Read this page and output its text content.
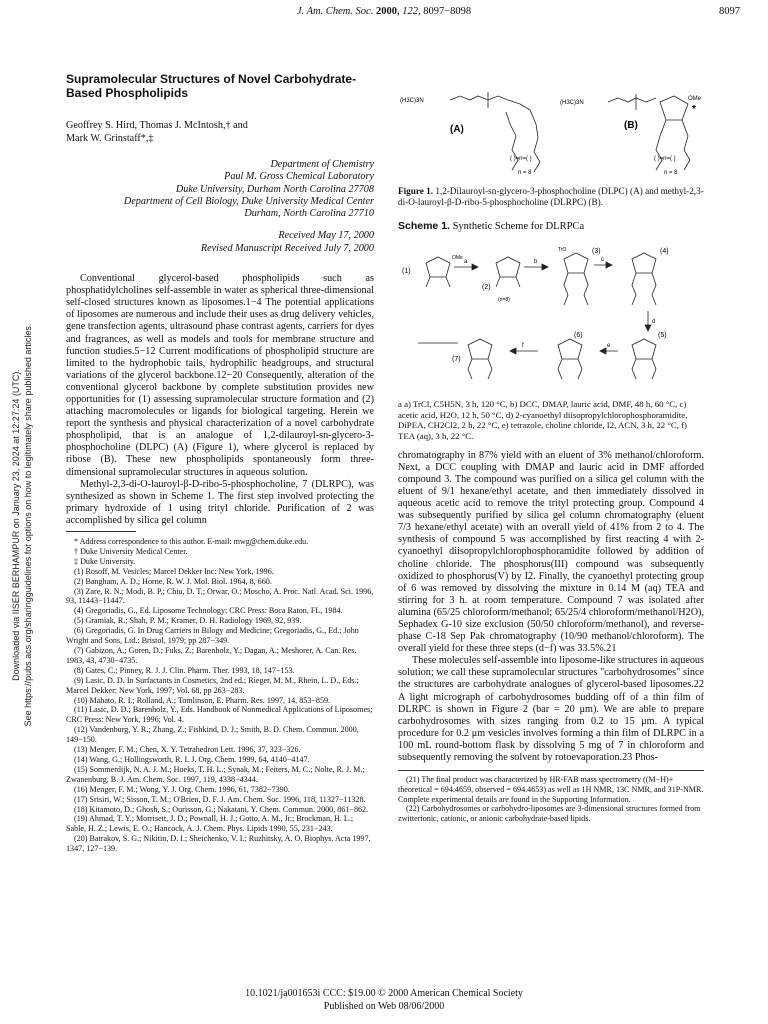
J. Am. Chem. Soc. 2000, 122, 8097−8098	8097
Downloaded via IISER BERHAMPUR on January 23, 2024 at 12:27:24 (UTC). See https://pubs.acs.org/sharingguidelines for options on how to legitimately share published articles.
Supramolecular Structures of Novel Carbohydrate-Based Phospholipids
Geoffrey S. Hird, Thomas J. McIntosh,† and
Mark W. Grinstaff*,‡
Department of Chemistry
Paul M. Gross Chemical Laboratory
Duke University, Durham North Carolina 27708
Department of Cell Biology, Duke University Medical Center
Durham, North Carolina 27710
Received May 17, 2000
Revised Manuscript Received July 7, 2000

Conventional glycerol-based phospholipids such as phosphatidylcholines self-assemble in water as spherical three-dimensional self-closed structures known as liposomes.1−4 The potential applications of liposomes are numerous and include their uses as drug delivery vehicles, gene transfection agents, ultrasound phase contrast agents, carriers for dyes and fragrances, as well as models and tools for membrane structure and function studies.5−12 Current modifications of phospholipid structure are limited to the hydrophobic tails, hydrophilic headgroups, and structural variations of the glycerol backbone.12−20 Consequently, alteration of the conventional glycerol backbone by complete substitution provides new opportunities for (1) assessing supramolecular structure formation and (2) attaching macromolecules or ligands for biological targeting. Herein we report the synthesis and physical characterization of a novel carbohydrate phospholipid, that is an analogue of 1,2-dilauroyl-sn-glycero-3-phosphocholine (DLPC) (A) (Figure 1), where glycerol is replaced by ribose (B). These new phospholipids spontaneously form three-dimensional supramolecular structures in aqueous solution.

Methyl-2,3-di-O-lauroyl-β-D-ribo-5-phosphocholine, 7 (DLRPC), was synthesized as shown in Scheme 1. The first step involved protecting the primary hydroxide of 1 using trityl chloride. Purification of 2 was accomplished by silica gel column

* Address correspondence to this author. E-mail: mwg@chem.duke.edu.
† Duke University Medical Center.
‡ Duke University.
(1) Rosoff, M. Vesicles; Marcel Dekker Inc: New York, 1996.
(2) Bangham, A. D.; Horne, R. W. J. Mol. Biol. 1964, 8, 660.
(3) Zare, R. N.; Modi, B. P.; Chiu, D. T.; Orwar, O.; Moscho, A. Proc. Natl. Acad. Sci. 1996, 93, 11443−11447.
(4) Gregoriadis, G., Ed. Liposome Technology; CRC Press: Boca Raton, FL, 1984.
(5) Gramiak, R.; Shah, P. M.; Kramer, D. H. Radiology 1969, 92, 939.
(6) Gregoriadis, G. In Drug Carriers in Bilogy and Medicine; Gregoriadis, G., Ed.; John Wright and Sons, Ltd.: Bristol, 1979; pp 287−349.
(7) Gabizon, A.; Goren, D.; Fuks, Z.; Barenholz, Y.; Dagan, A.; Meshorer, A. Can. Res. 1983, 43, 4730−4735.
(8) Gates, C.; Pinney, R. J. J. Clin. Pharm. Ther. 1993, 18, 147−153.
(9) Lasic, D. D. In Surfactants in Cosmetics, 2nd ed.; Rieger, M. M., Rhein, L. D., Eds.; Marcel Dekker: New York, 1997; Vol. 68, pp 263−283.
(10) Mahato, R. I.; Rolland, A.; Tomlinson, E. Pharm. Res. 1997, 14, 853−859.
(11) Lasic, D. D.; Barenholz, Y., Eds. Handbook of Nonmedical Applications of Liposomes; CRC Press: New York, 1996; Vol. 4.
(12) Vandenburg, Y. R.; Zhang, Z.; Fishkind, D. J.; Smith, B. D. Chem. Commun. 2000, 149−150.
(13) Menger, F. M.; Chen, X. Y. Tetrahedron Lett. 1996, 37, 323−326.
(14) Wang, G.; Hollingsworth, R. I. J. Org. Chem. 1999, 64, 4140−4147.
(15) Sommerdijk, N. A. J. M.; Hoeks, T. H. L.; Synak, M.; Feiters, M. C.; Nolte, R. J. M.; Zwanenburg, B. J. Am. Chem. Soc. 1997, 119, 4338−4344.
(16) Menger, F. M.; Wong, Y. J. Org. Chem. 1996, 61, 7382−7390.
(17) Srisiri, W.; Sisson, T. M.; O'Brien, D. F. J. Am. Chem. Soc. 1996, 118, 11327−11328.
(18) Kitamoto, D.; Ghosh, S.; Ourisson, G.; Nakatani, Y. Chem. Commun. 2000, 861−862.
(19) Ahmad, T. Y.; Morrisett, J. D.; Pownall, H. J.; Gotto, A. M., Jr.; Brockman, H. L.; Sable, H. Z.; Lewis, E. O.; Hancock, A. J. Chem. Phys. Lipids 1990, 55, 231−243.
(20) Batrakov, S. G.; Nikitin, D. I.; Sheichenko, V. I.; Ruzhitsky, A. O. Biophys. Acta 1997, 1347, 127−139.
(H3C)3N
(A)
( )=n=( )
n = 8
(H3C)3N
(B)
OMe
*
( )=n=( )
n = 8
Figure 1. 1,2-Dilauroyl-sn-glycero-3-phosphocholine (DLPC) (A) and methyl-2,3-di-O-lauroyl-β-D-ribo-5-phosphocholine (DLRPC) (B).
Scheme 1. Synthetic Scheme for DLRPCa
(1)
(2)
(3)	(4)
(5)
(6)
(7)
a	b	c
d
e
f
TrO
OMe
(n=8)
a a) TrCl, C5H5N, 3 h, 120 °C, b) DCC, DMAP, lauric acid, DMF, 48 h, 60 °C, c) acetic acid, H2O, 12 h, 50 °C, d) 2-cyanoethyl diisopropylchlorophosphoramidite, DiPEA, CH2Cl2, 2 h, 22 °C, e) tetrazole, choline chloride, I2, ACN, 3 h, 22 °C, f) TEA (aq), 3 h, 22 °C.

chromatography in 87% yield with an eluent of 3% methanol/chloroform. Next, a DCC coupling with DMAP and lauric acid in DMF afforded compound 3. The compound was purified on a silica gel column with the eluent of 9/1 hexane/ethyl acetate, and then immediately dissolved in aqueous acetic acid to remove the trityl protecting group. Compound 4 was subsequently purified by silica gel column chromatography (eluent 7/3 hexane/ethyl acetate) with an overall yield of 41% from 2 to 4. The synthesis of compound 5 was accomplished by first reacting 4 with 2-cyanoethyl diisopropylchlorophosphoramidite followed by addition of choline chloride. The phosphorus(III) compound was subsequently oxidized to phosphorus(V) by I2. Finally, the cyanoethyl protecting group of 6 was removed by dissolving the mixture in 0.14 M (aq) TEA and stirring for 3 h. at room temperature. Compound 7 was isolated after alumina (65/25 chloroform/methanol; 65/25/4 chloroform/methanol/H2O), Sephadex G-10 size exclusion (50/50 chloroform/methanol), and reverse-phase C-18 Sep Pak chromatography (10/90 methanol/chloroform). The overall yield for these three steps (d−f) was 33.5%.21

These molecules self-assemble into liposome-like structures in aqueous solution; we call these supramolecular structures "carbohydrosomes" since the structures are carbohydrate analogues of glycerol-based liposomes.22 A light micrograph of carbohydrosomes budding off of a thin film of DLRPC is shown in Figure 2 (bar = 20 μm). We are able to prepare carbohydrosomes with sizes ranging from 0.2 to 15 μm. A typical procedure for 0.2 μm vesicles involves forming a thin film of DLRPC in a 100 mL round-bottom flask by dissolving 5 mg of 7 in chloroform and subsequently removing the solvent by rotoevaporation.23 Phos-

(21) The final product was characterized by HR-FAB mass spectrometry ((M−H)+ theoretical = 694.4659, observed = 694.4653) as well as 1H NMR, 13C NMR, and 31P-NMR. Complete experimental details are found in the Supporting Information.
(22) Carbohydrosomes or carbohydro-liposomes are 3-dimensional structures formed from zwitterionic, cationic, or anionic carbohydrate-based lipids.
10.1021/ja001653i CCC: $19.00 © 2000 American Chemical Society
Published on Web 08/06/2000
